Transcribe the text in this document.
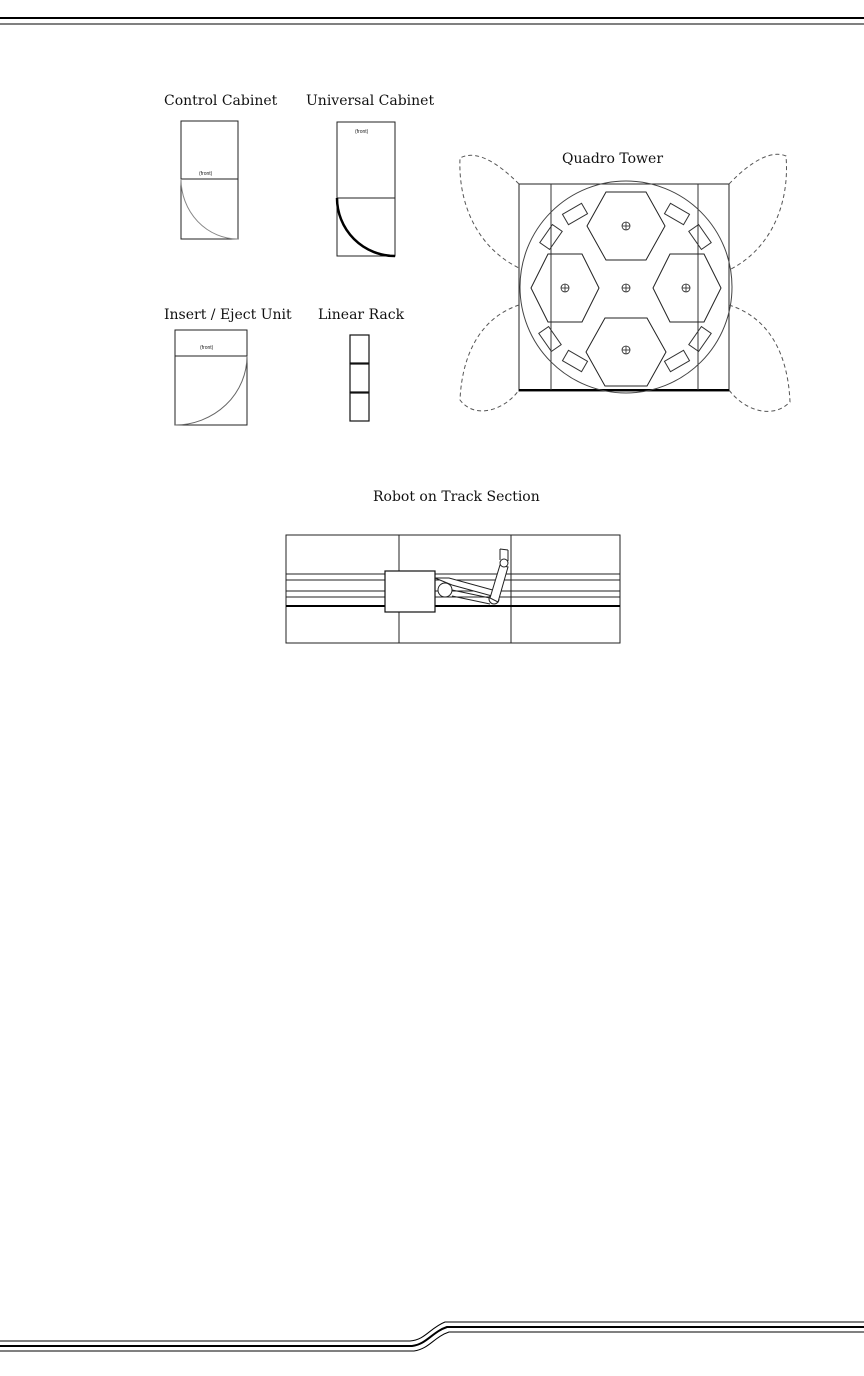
Control Cabinet Universal Cabinet
Quadro Tower
Insert / Eject Unit Linear Rack
Robot on Track Section
(front)
(front)
(front)
